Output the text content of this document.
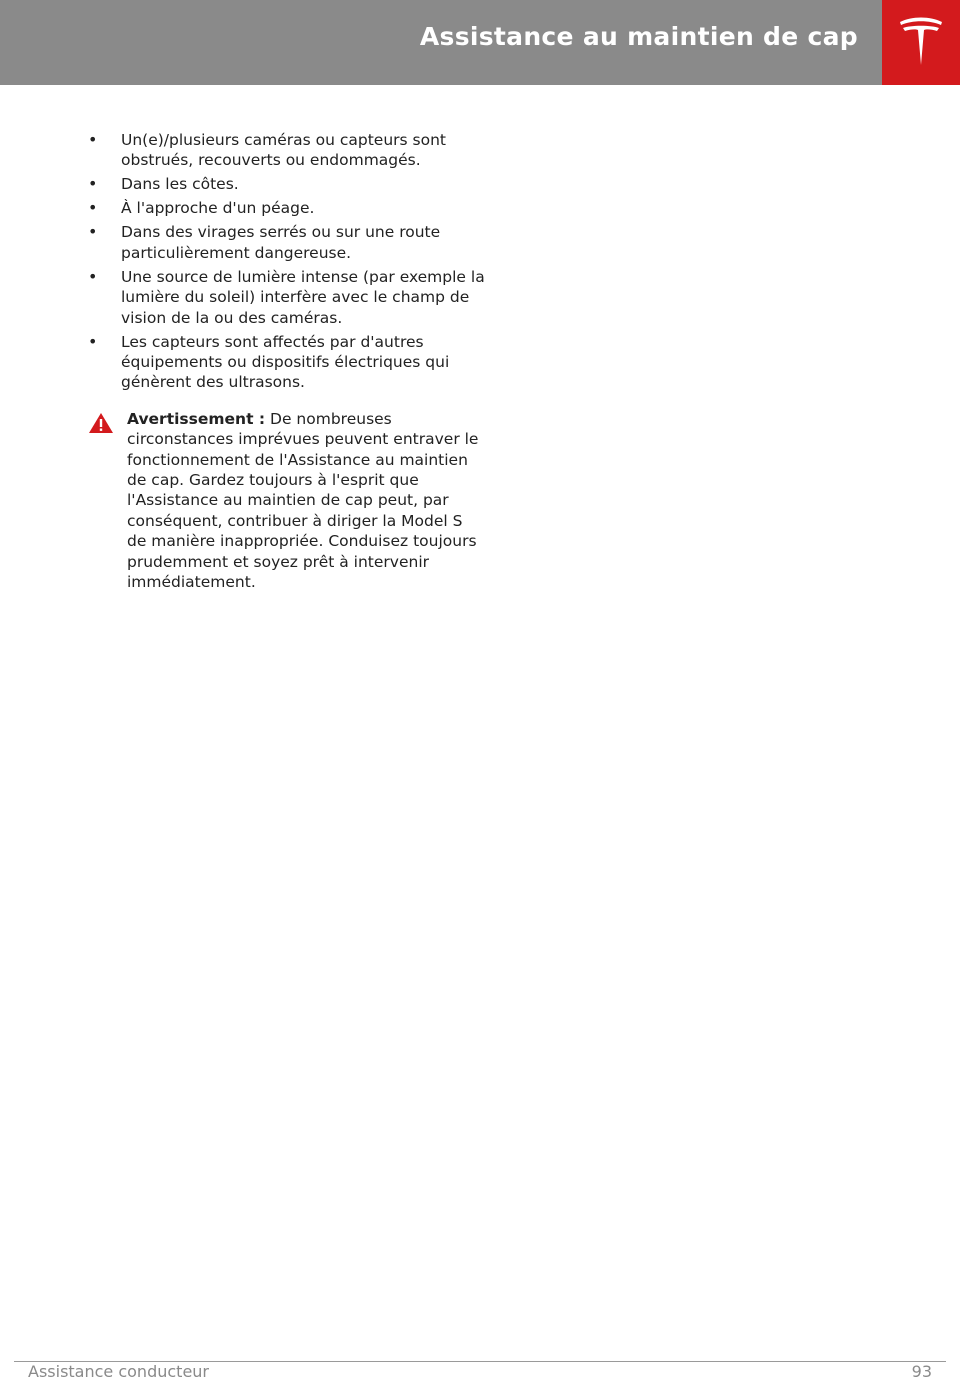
Assistance au maintien de cap
• Un(e)/plusieurs caméras ou capteurs sont obstrués, recouverts ou endommagés.
• Dans les côtes.
• À l'approche d'un péage.
• Dans des virages serrés ou sur une route particulièrement dangereuse.
• Une source de lumière intense (par exemple la lumière du soleil) interfère avec le champ de vision de la ou des caméras.
• Les capteurs sont affectés par d'autres équipements ou dispositifs électriques qui génèrent des ultrasons.
Avertissement : De nombreuses circonstances imprévues peuvent entraver le fonctionnement de l'Assistance au maintien de cap. Gardez toujours à l'esprit que l'Assistance au maintien de cap peut, par conséquent, contribuer à diriger la Model S de manière inappropriée. Conduisez toujours prudemment et soyez prêt à intervenir immédiatement.
Assistance conducteur	93
